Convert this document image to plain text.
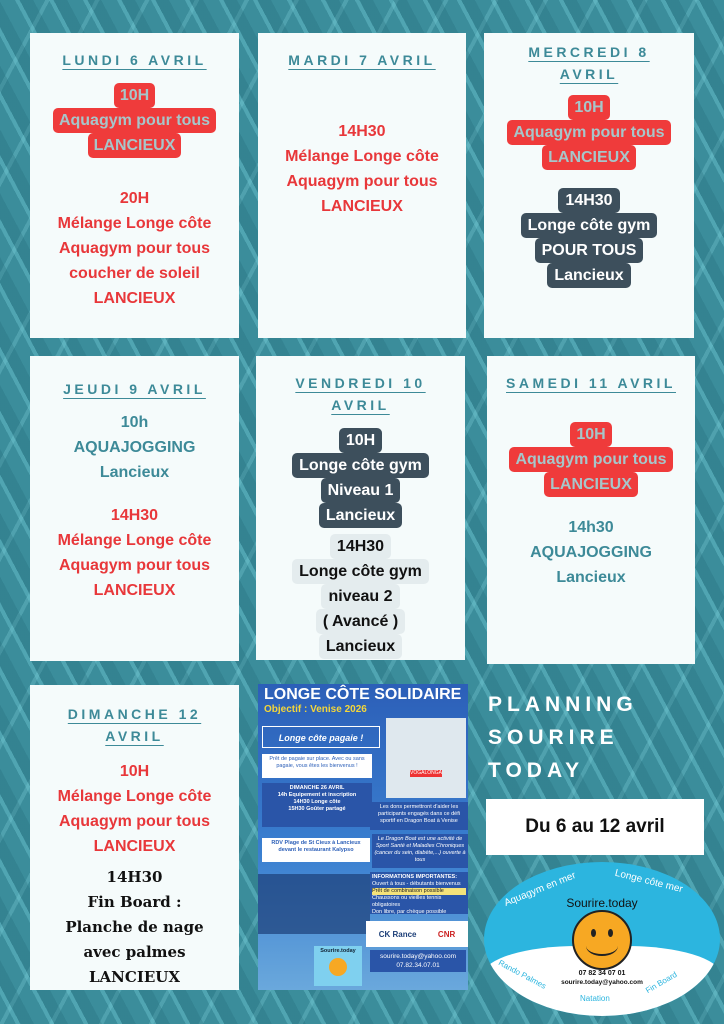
LUNDI 6 AVRIL
10H
Aquagym pour tous
LANCIEUX
20H
Mélange Longe côte
Aquagym pour tous
coucher de soleil
LANCIEUX
MARDI 7 AVRIL
14H30
Mélange Longe côte
Aquagym pour tous
LANCIEUX
MERCREDI 8
AVRIL
10H
Aquagym pour tous
LANCIEUX
14H30
Longe côte gym
POUR TOUS
Lancieux
JEUDI 9 AVRIL
10h
AQUAJOGGING
Lancieux
14H30
Mélange Longe côte
Aquagym pour tous
LANCIEUX
VENDREDI 10
AVRIL
10H
Longe côte gym
Niveau 1
Lancieux
14H30
Longe côte gym
niveau 2
( Avancé )
Lancieux
SAMEDI 11 AVRIL
10H
Aquagym pour tous
LANCIEUX
14h30
AQUAJOGGING
Lancieux
DIMANCHE 12
AVRIL
10H
Mélange Longe côte
Aquagym pour tous
LANCIEUX
14H30
Fin Board :
Planche de nage
avec palmes
LANCIEUX
PLANNING
SOURIRE
TODAY
Du 6 au 12 avril
LONGE CÔTE SOLIDAIRE
Objectif : Venise 2026
Longe côte pagaie !
VOGALONGA
Prêt de pagaie sur place. Avec ou sans pagaie, vous êtes les bienvenus !
DIMANCHE 26 AVRIL
14h Equipement et inscription
14H30 Longe côte
15H30 Goûter partagé	Les dons permettront d'aider les participants engagés dans ce défi sportif en Dragon Boat à Venise
RDV Plage de St Cieux à Lancieux devant le restaurant Kalypso
Le Dragon Boat est une activité de Sport Santé et Maladies Chroniques (cancer du sein, diabète,...) ouverte à tous
INFORMATIONS IMPORTANTES:
Ouvert à tous - débutants bienvenus
Prêt de combinaison possible
Chaussons ou vieilles tennis obligatoires
Don libre, par chèque possible
CK Rance	CNR
Sourire.today
sourire.today@yahoo.com
07.82.34.07.01
Aquagym en mer	Longe côte mer
Sourire.today
07 82 34 07 01
sourire.today@yahoo.com
Rando Palmes
Natation
Fin Board
